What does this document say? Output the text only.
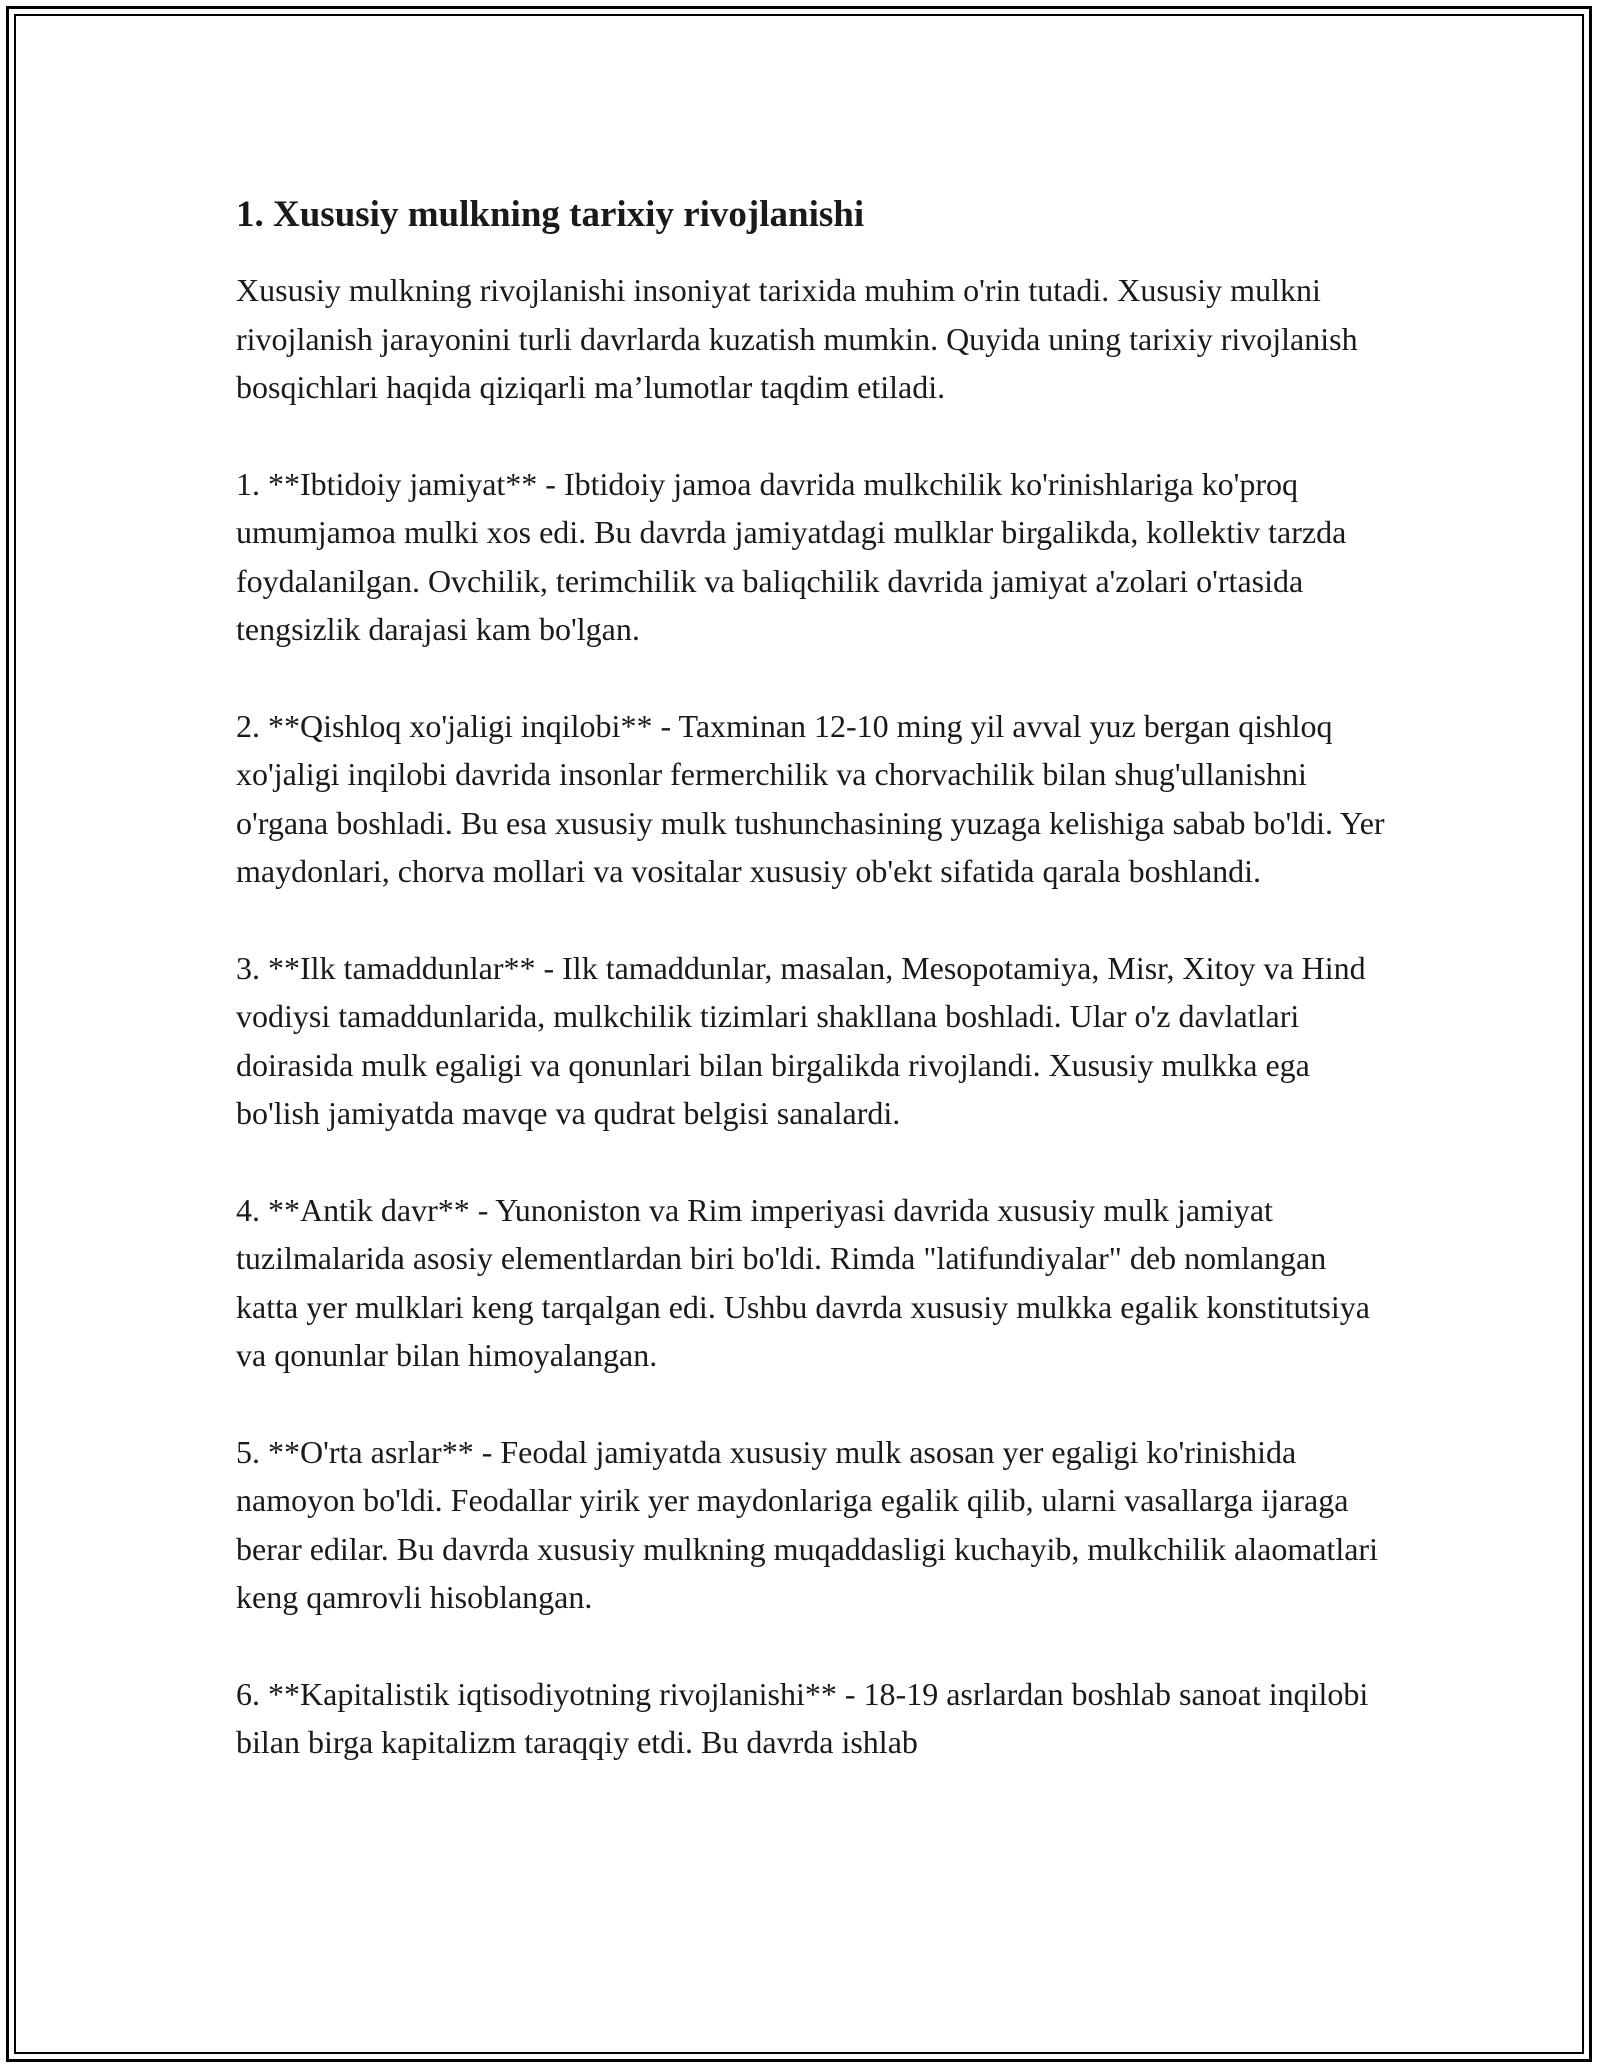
1. Xususiy mulkning tarixiy rivojlanishi

Xususiy mulkning rivojlanishi insoniyat tarixida muhim o'rin tutadi. Xususiy mulkni rivojlanish jarayonini turli davrlarda kuzatish mumkin. Quyida uning tarixiy rivojlanish bosqichlari haqida qiziqarli ma’lumotlar taqdim etiladi.

1. **Ibtidoiy jamiyat** - Ibtidoiy jamoa davrida mulkchilik ko'rinishlariga ko'proq umumjamoa mulki xos edi. Bu davrda jamiyatdagi mulklar birgalikda, kollektiv tarzda foydalanilgan. Ovchilik, terimchilik va baliqchilik davrida jamiyat a'zolari o'rtasida tengsizlik darajasi kam bo'lgan.

2. **Qishloq xo'jaligi inqilobi** - Taxminan 12-10 ming yil avval yuz bergan qishloq xo'jaligi inqilobi davrida insonlar fermerchilik va chorvachilik bilan shug'ullanishni o'rgana boshladi. Bu esa xususiy mulk tushunchasining yuzaga kelishiga sabab bo'ldi. Yer maydonlari, chorva mollari va vositalar xususiy ob'ekt sifatida qarala boshlandi.

3. **Ilk tamaddunlar** - Ilk tamaddunlar, masalan, Mesopotamiya, Misr, Xitoy va Hind vodiysi tamaddunlarida, mulkchilik tizimlari shakllana boshladi. Ular o'z davlatlari doirasida mulk egaligi va qonunlari bilan birgalikda rivojlandi. Xususiy mulkka ega bo'lish jamiyatda mavqe va qudrat belgisi sanalardi.

4. **Antik davr** - Yunoniston va Rim imperiyasi davrida xususiy mulk jamiyat tuzilmalarida asosiy elementlardan biri bo'ldi. Rimda "latifundiyalar" deb nomlangan katta yer mulklari keng tarqalgan edi. Ushbu davrda xususiy mulkka egalik konstitutsiya va qonunlar bilan himoyalangan.

5. **O'rta asrlar** - Feodal jamiyatda xususiy mulk asosan yer egaligi ko'rinishida namoyon bo'ldi. Feodallar yirik yer maydonlariga egalik qilib, ularni vasallarga ijaraga berar edilar. Bu davrda xususiy mulkning muqaddasligi kuchayib, mulkchilik alaomatlari keng qamrovli hisoblangan.

6. **Kapitalistik iqtisodiyotning rivojlanishi** - 18-19 asrlardan boshlab sanoat inqilobi bilan birga kapitalizm taraqqiy etdi. Bu davrda ishlab
